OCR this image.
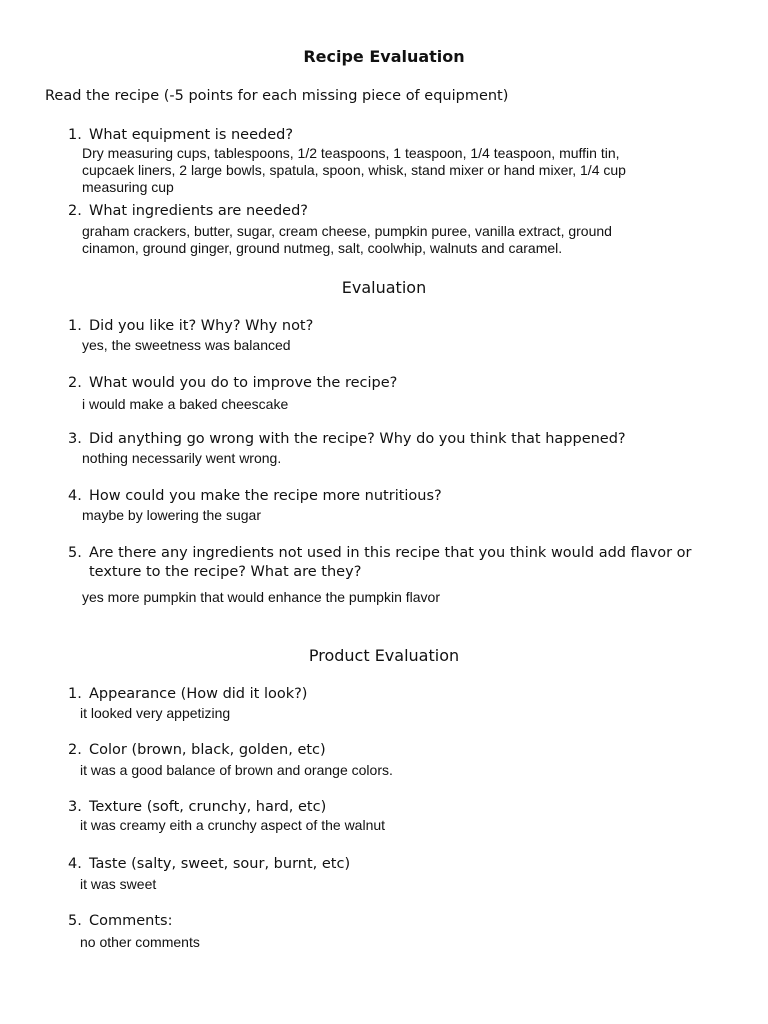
Recipe Evaluation
Read the recipe (-5 points for each missing piece of equipment)
1. What equipment is needed?
Dry measuring cups, tablespoons, 1/2 teaspoons, 1 teaspoon, 1/4 teaspoon, muffin tin,
cupcaek liners, 2 large bowls, spatula, spoon, whisk, stand mixer or hand mixer, 1/4 cup
measuring cup
2. What ingredients are needed?
graham crackers, butter, sugar, cream cheese, pumpkin puree, vanilla extract, ground
cinamon, ground ginger, ground nutmeg, salt, coolwhip, walnuts and caramel.
Evaluation
1. Did you like it? Why? Why not?
yes, the sweetness was balanced
2. What would you do to improve the recipe?
i would make a baked cheescake
3. Did anything go wrong with the recipe? Why do you think that happened?
nothing necessarily went wrong.
4. How could you make the recipe more nutritious?
maybe by lowering the sugar
5. Are there any ingredients not used in this recipe that you think would add flavor or
texture to the recipe? What are they?
yes more pumpkin that would enhance the pumpkin flavor
Product Evaluation
1. Appearance (How did it look?)
it looked very appetizing
2. Color (brown, black, golden, etc)
it was a good balance of brown and orange colors.
3. Texture (soft, crunchy, hard, etc)
it was creamy eith a crunchy aspect of the walnut
4. Taste (salty, sweet, sour, burnt, etc)
it was sweet
5. Comments:
no other comments
